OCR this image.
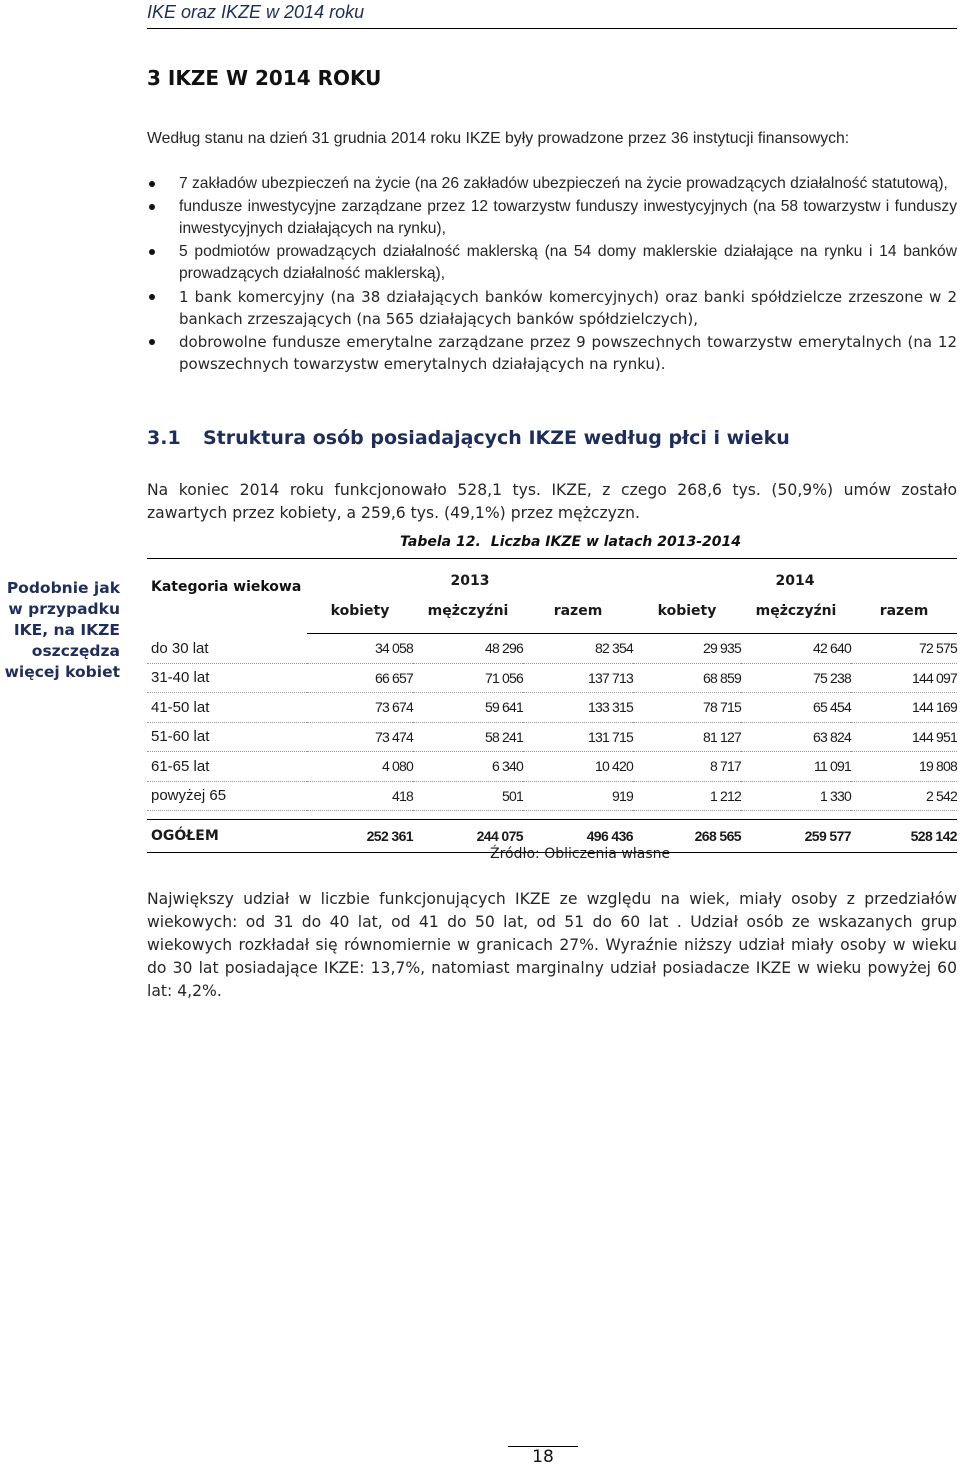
IKE oraz IKZE w 2014 roku
3 IKZE W 2014 ROKU
Według stanu na dzień 31 grudnia 2014 roku IKZE były prowadzone przez 36 instytucji finansowych:
7 zakładów ubezpieczeń na życie (na 26 zakładów ubezpieczeń na życie prowadzących działalność statutową),
fundusze inwestycyjne zarządzane przez 12 towarzystw funduszy inwestycyjnych (na 58 towarzystw i funduszy inwestycyjnych działających na rynku),
5 podmiotów prowadzących działalność maklerską (na 54 domy maklerskie działające na rynku i 14 banków prowadzących działalność maklerską),
1 bank komercyjny (na 38 działających banków komercyjnych) oraz banki spółdzielcze zrzeszone w 2 bankach zrzeszających (na 565 działających banków spółdzielczych),
dobrowolne fundusze emerytalne zarządzane przez 9 powszechnych towarzystw emerytalnych (na 12 powszechnych towarzystw emerytalnych działających na rynku).
3.1 Struktura osób posiadających IKZE według płci i wieku
Na koniec 2014 roku funkcjonowało 528,1 tys. IKZE, z czego 268,6 tys. (50,9%) umów zostało zawartych przez kobiety, a 259,6 tys. (49,1%) przez mężczyzn.
Tabela 12. Liczba IKZE w latach 2013-2014
Podobnie jak w przypadku IKE, na IKZE oszczędza więcej kobiet
Kategoria wiekowa	2013			2014		
	kobiety	mężczyźni	razem	kobiety	mężczyźni	razem
do 30 lat	34 058	48 296	82 354	29 935	42 640	72 575
31-40 lat	66 657	71 056	137 713	68 859	75 238	144 097
41-50 lat	73 674	59 641	133 315	78 715	65 454	144 169
51-60 lat	73 474	58 241	131 715	81 127	63 824	144 951
61-65 lat	4 080	6 340	10 420	8 717	11 091	19 808
powyżej 65	418	501	919	1 212	1 330	2 542

OGÓŁEM	252 361	244 075	496 436	268 565	259 577	528 142
Źródło: Obliczenia własne
Największy udział w liczbie funkcjonujących IKZE ze względu na wiek, miały osoby z przedziałów wiekowych: od 31 do 40 lat, od 41 do 50 lat, od 51 do 60 lat . Udział osób ze wskazanych grup wiekowych rozkładał się równomiernie w granicach 27%. Wyraźnie niższy udział miały osoby w wieku do 30 lat posiadające IKZE: 13,7%, natomiast marginalny udział posiadacze IKZE w wieku powyżej 60 lat: 4,2%.
18
